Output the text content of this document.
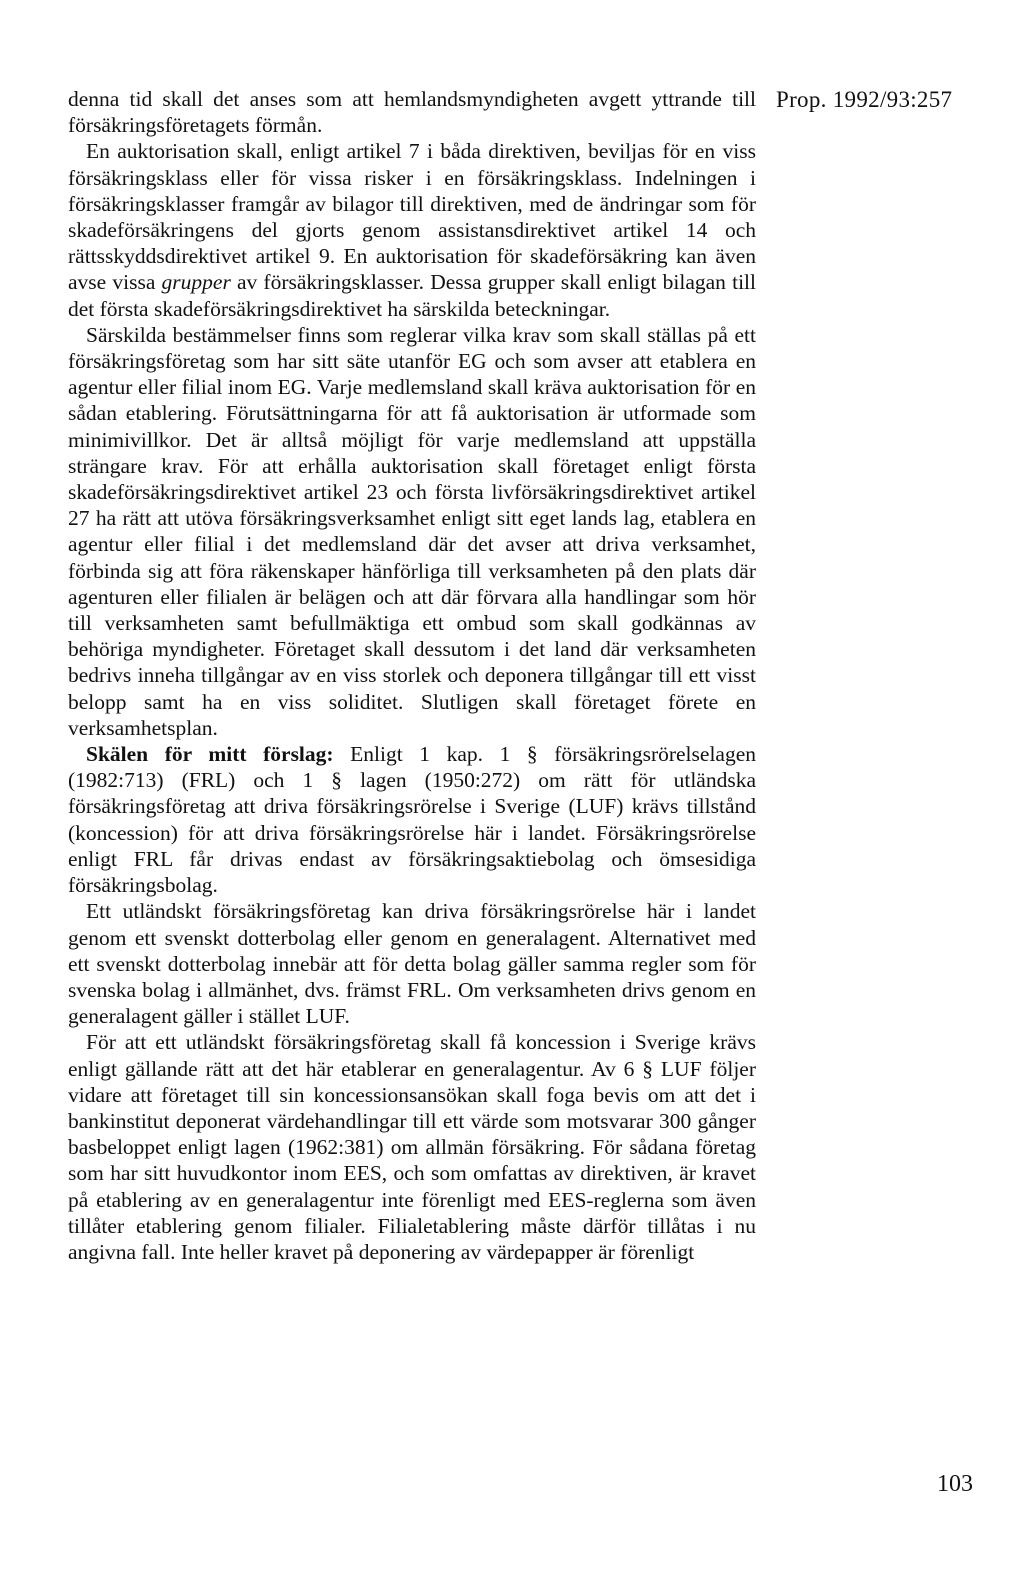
Prop. 1992/93:257

denna tid skall det anses som att hemlandsmyndigheten avgett yttrande till försäkringsföretagets förmån.

En auktorisation skall, enligt artikel 7 i båda direktiven, beviljas för en viss försäkringsklass eller för vissa risker i en försäkringsklass. Indelningen i försäkringsklasser framgår av bilagor till direktiven, med de ändringar som för skadeförsäkringens del gjorts genom assistansdirektivet artikel 14 och rättsskyddsdirektivet artikel 9. En auktorisation för skadeförsäkring kan även avse vissa grupper av försäkringsklasser. Dessa grupper skall enligt bilagan till det första skadeförsäkringsdirektivet ha särskilda beteckningar.

Särskilda bestämmelser finns som reglerar vilka krav som skall ställas på ett försäkringsföretag som har sitt säte utanför EG och som avser att etablera en agentur eller filial inom EG. Varje medlemsland skall kräva auktorisation för en sådan etablering. Förutsättningarna för att få auktorisation är utformade som minimivillkor. Det är alltså möjligt för varje medlemsland att uppställa strängare krav. För att erhålla auktorisation skall företaget enligt första skadeförsäkringsdirektivet artikel 23 och första livförsäkringsdirektivet artikel 27 ha rätt att utöva försäkringsverksamhet enligt sitt eget lands lag, etablera en agentur eller filial i det medlemsland där det avser att driva verksamhet, förbinda sig att föra räkenskaper hänförliga till verksamheten på den plats där agenturen eller filialen är belägen och att där förvara alla handlingar som hör till verksamheten samt befullmäktiga ett ombud som skall godkännas av behöriga myndigheter. Företaget skall dessutom i det land där verksamheten bedrivs inneha tillgångar av en viss storlek och deponera tillgångar till ett visst belopp samt ha en viss soliditet. Slutligen skall företaget förete en verksamhetsplan.

Skälen för mitt förslag: Enligt 1 kap. 1 § försäkringsrörelselagen (1982:713) (FRL) och 1 § lagen (1950:272) om rätt för utländska försäkringsföretag att driva försäkringsrörelse i Sverige (LUF) krävs tillstånd (koncession) för att driva försäkringsrörelse här i landet. Försäkringsrörelse enligt FRL får drivas endast av försäkringsaktiebolag och ömsesidiga försäkringsbolag.

Ett utländskt försäkringsföretag kan driva försäkringsrörelse här i landet genom ett svenskt dotterbolag eller genom en generalagent. Alternativet med ett svenskt dotterbolag innebär att för detta bolag gäller samma regler som för svenska bolag i allmänhet, dvs. främst FRL. Om verksamheten drivs genom en generalagent gäller i stället LUF.

För att ett utländskt försäkringsföretag skall få koncession i Sverige krävs enligt gällande rätt att det här etablerar en generalagentur. Av 6 § LUF följer vidare att företaget till sin koncessionsansökan skall foga bevis om att det i bankinstitut deponerat värdehandlingar till ett värde som motsvarar 300 gånger basbeloppet enligt lagen (1962:381) om allmän försäkring. För sådana företag som har sitt huvudkontor inom EES, och som omfattas av direktiven, är kravet på etablering av en generalagentur inte förenligt med EES-reglerna som även tillåter etablering genom filialer. Filialetablering måste därför tillåtas i nu angivna fall. Inte heller kravet på deponering av värdepapper är förenligt

103
